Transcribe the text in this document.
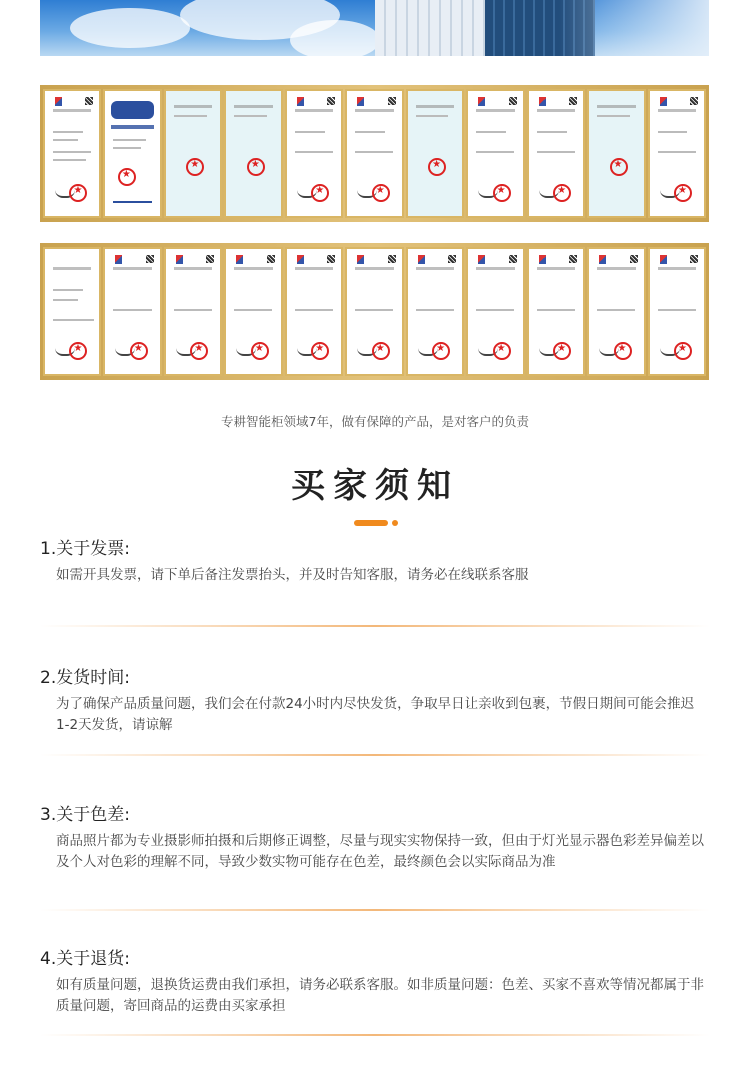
★
★
★
★
★
★
★
★
★
★
★
★
★
★
★
★
★
★
★
★
★
★
专耕智能柜领域7年，做有保障的产品，是对客户的负责
买家须知
1.关于发票:

如需开具发票，请下单后备注发票抬头，并及时告知客服，请务必在线联系客服

2.发货时间:

为了确保产品质量问题，我们会在付款24小时内尽快发货，争取早日让亲收到包裹，节假日期间可能会推迟1-2天发货，请谅解

3.关于色差:

商品照片都为专业摄影师拍摄和后期修正调整，尽量与现实实物保持一致，但由于灯光显示器色彩差异偏差以及个人对色彩的理解不同，导致少数实物可能存在色差，最终颜色会以实际商品为准

4.关于退货:

如有质量问题，退换货运费由我们承担，请务必联系客服。如非质量问题：色差、买家不喜欢等情况都属于非质量问题，寄回商品的运费由买家承担
